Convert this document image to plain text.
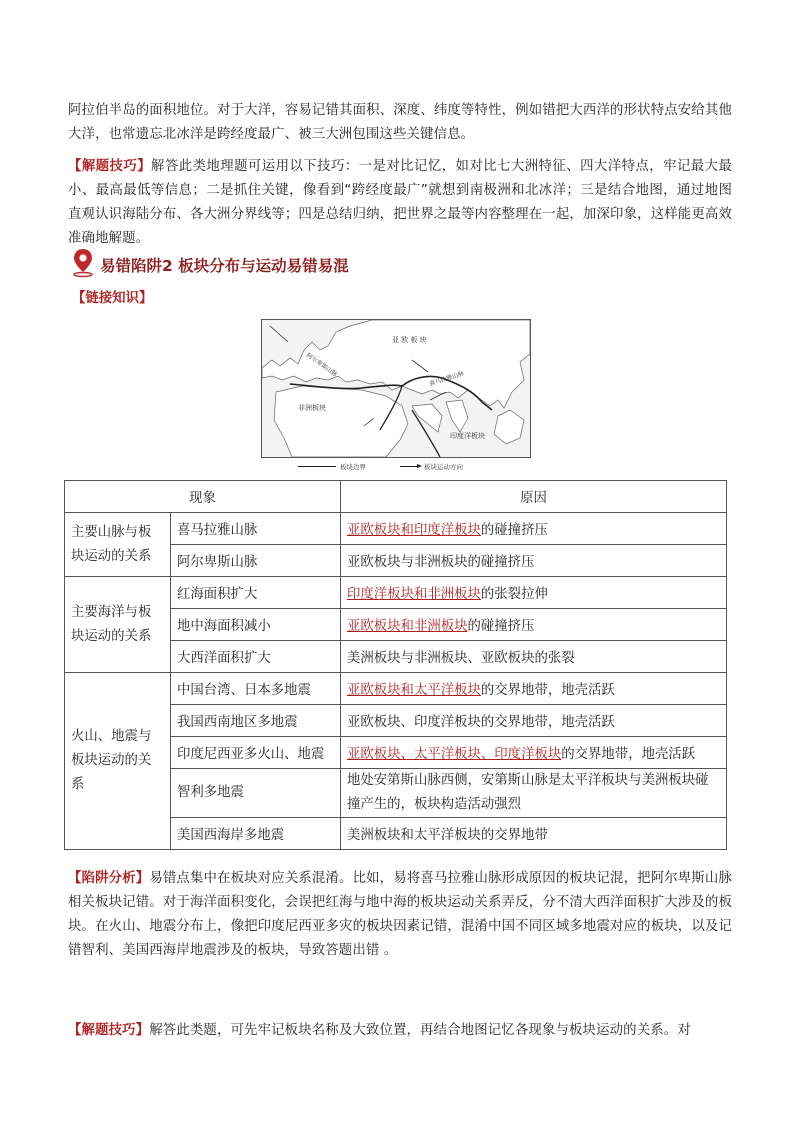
阿拉伯半岛的面积地位。对于大洋，容易记错其面积、深度、纬度等特性，例如错把大西洋的形状特点安给其他大洋，也常遗忘北冰洋是跨经度最广、被三大洲包围这些关键信息。

【解题技巧】解答此类地理题可运用以下技巧：一是对比记忆，如对比七大洲特征、四大洋特点，牢记最大最小、最高最低等信息；二是抓住关键，像看到“跨经度最广”就想到南极洲和北冰洋；三是结合地图，通过地图直观认识海陆分布、各大洲分界线等；四是总结归纳，把世界之最等内容整理在一起，加深印象，这样能更高效准确地解题。

易错陷阱2 板块分布与运动易错易混
【链接知识】
亚 欧 板 块
非洲板块
印度洋板块
阿尔卑斯山脉
喜马拉雅山脉
板块边界	板块运动方向
现象		原因
主要山脉与板块运动的关系	喜马拉雅山脉	亚欧板块和印度洋板块的碰撞挤压
	阿尔卑斯山脉	亚欧板块与非洲板块的碰撞挤压
主要海洋与板块运动的关系	红海面积扩大	印度洋板块和非洲板块的张裂拉伸
	地中海面积减小	亚欧板块和非洲板块的碰撞挤压
	大西洋面积扩大	美洲板块与非洲板块、亚欧板块的张裂
火山、地震与板块运动的关系	中国台湾、日本多地震	亚欧板块和太平洋板块的交界地带，地壳活跃
	我国西南地区多地震	亚欧板块、印度洋板块的交界地带，地壳活跃
	印度尼西亚多火山、地震	亚欧板块、太平洋板块、印度洋板块的交界地带，地壳活跃
	智利多地震	地处安第斯山脉西侧，安第斯山脉是太平洋板块与美洲板块碰撞产生的，板块构造活动强烈
	美国西海岸多地震	美洲板块和太平洋板块的交界地带

【陷阱分析】易错点集中在板块对应关系混淆。比如，易将喜马拉雅山脉形成原因的板块记混，把阿尔卑斯山脉相关板块记错。对于海洋面积变化，会误把红海与地中海的板块运动关系弄反，分不清大西洋面积扩大涉及的板块。在火山、地震分布上，像把印度尼西亚多灾的板块因素记错，混淆中国不同区域多地震对应的板块，以及记错智利、美国西海岸地震涉及的板块，导致答题出错 。

【解题技巧】解答此类题，可先牢记板块名称及大致位置，再结合地图记忆各现象与板块运动的关系。对
